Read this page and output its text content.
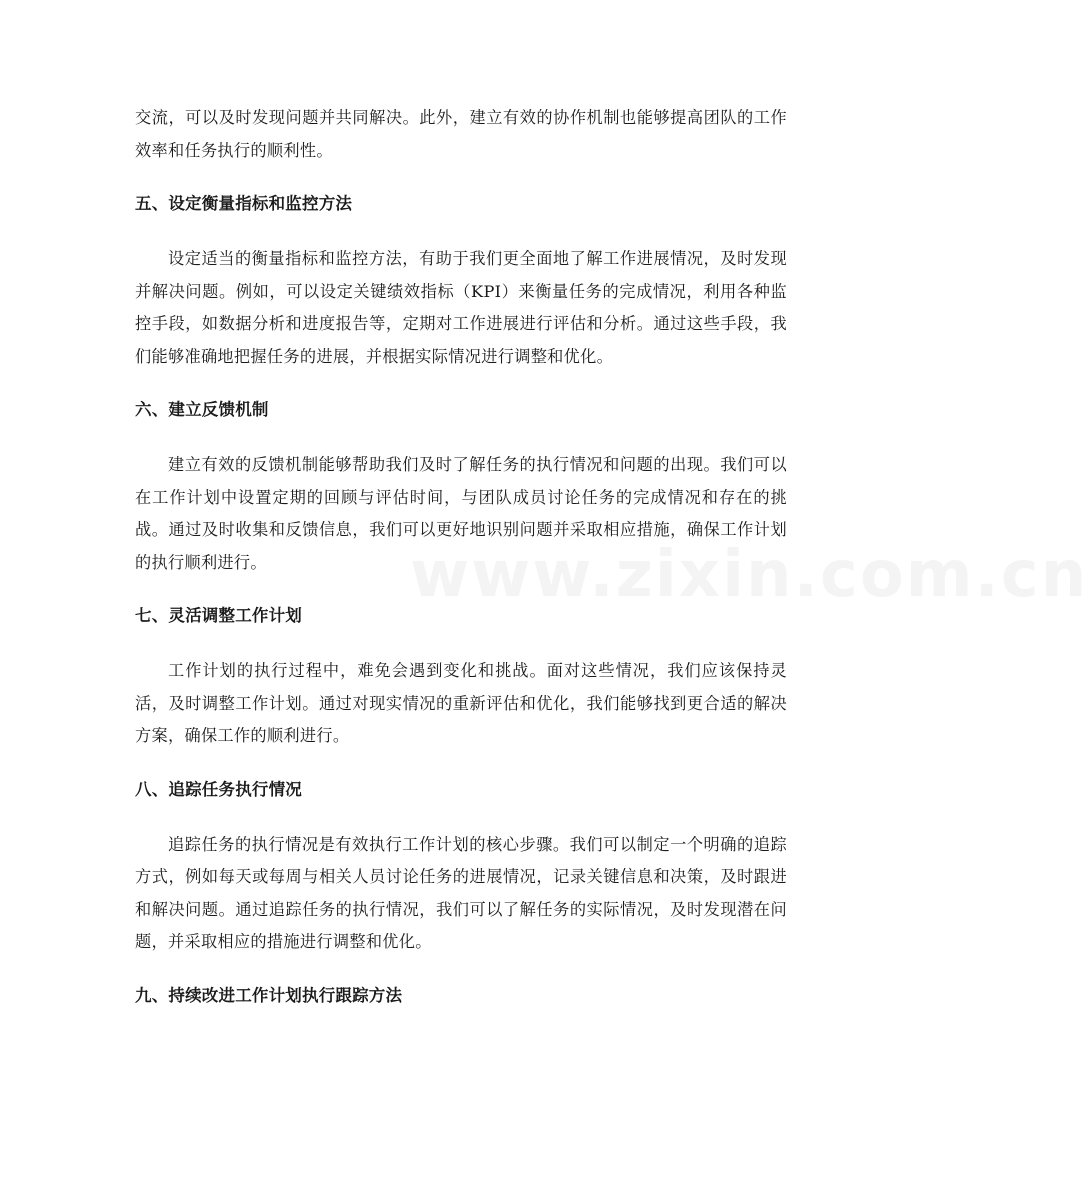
www.zixin.com.cn

交流，可以及时发现问题并共同解决。此外，建立有效的协作机制也能够提高团队的工作效率和任务执行的顺利性。

五、设定衡量指标和监控方法

设定适当的衡量指标和监控方法，有助于我们更全面地了解工作进展情况，及时发现并解决问题。例如，可以设定关键绩效指标（KPI）来衡量任务的完成情况，利用各种监控手段，如数据分析和进度报告等，定期对工作进展进行评估和分析。通过这些手段，我们能够准确地把握任务的进展，并根据实际情况进行调整和优化。

六、建立反馈机制

建立有效的反馈机制能够帮助我们及时了解任务的执行情况和问题的出现。我们可以在工作计划中设置定期的回顾与评估时间，与团队成员讨论任务的完成情况和存在的挑战。通过及时收集和反馈信息，我们可以更好地识别问题并采取相应措施，确保工作计划的执行顺利进行。

七、灵活调整工作计划

工作计划的执行过程中，难免会遇到变化和挑战。面对这些情况，我们应该保持灵活，及时调整工作计划。通过对现实情况的重新评估和优化，我们能够找到更合适的解决方案，确保工作的顺利进行。

八、追踪任务执行情况

追踪任务的执行情况是有效执行工作计划的核心步骤。我们可以制定一个明确的追踪方式，例如每天或每周与相关人员讨论任务的进展情况，记录关键信息和决策，及时跟进和解决问题。通过追踪任务的执行情况，我们可以了解任务的实际情况，及时发现潜在问题，并采取相应的措施进行调整和优化。

九、持续改进工作计划执行跟踪方法
